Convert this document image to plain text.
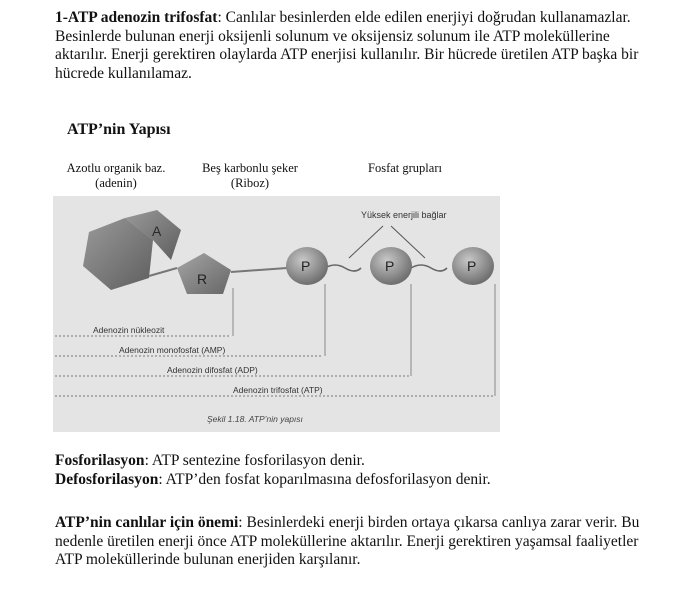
1-ATP adenozin trifosfat: Canlılar besinlerden elde edilen enerjiyi doğrudan kullanamazlar. Besinlerde bulunan enerji oksijenli solunum ve oksijensiz solunum ile ATP moleküllerine aktarılır. Enerji gerektiren olaylarda ATP enerjisi kullanılır. Bir hücrede üretilen ATP başka bir hücrede kullanılamaz.
ATP’nin Yapısı
Azotlu organik baz.
(adenin)
Beş karbonlu şeker
(Riboz)
Fosfat grupları
A
R
P	P	P
Yüksek enerjili bağlar
Adenozin nükleozit
Adenozin monofosfat (AMP)
Adenozin difosfat (ADP)
Adenozin trifosfat (ATP)
Şekil 1.18. ATP’nin yapısı
Fosforilasyon: ATP sentezine fosforilasyon denir.
Defosforilasyon: ATP’den fosfat koparılmasına defosforilasyon denir.
ATP’nin canlılar için önemi: Besinlerdeki enerji birden ortaya çıkarsa canlıya zarar verir. Bu nedenle üretilen enerji önce ATP moleküllerine aktarılır. Enerji gerektiren yaşamsal faaliyetler ATP moleküllerinde bulunan enerjiden karşılanır.
